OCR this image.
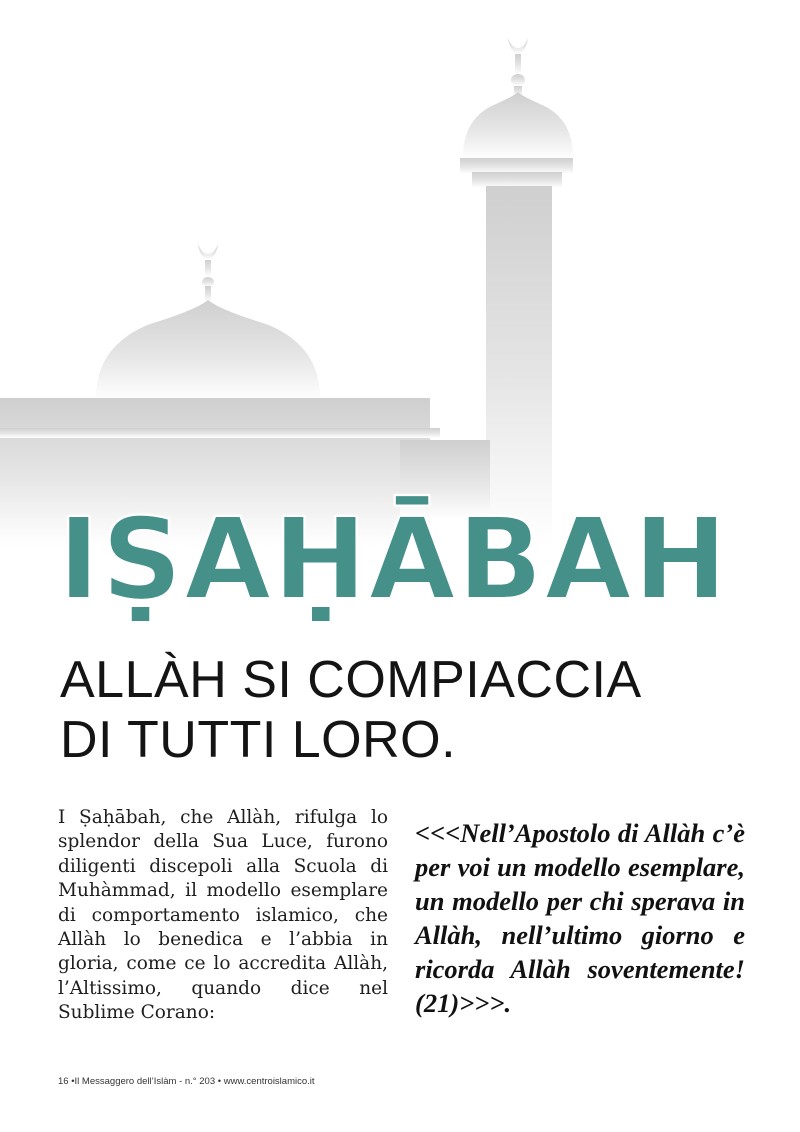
IṢAḤĀBAH
ALLÀH SI COMPIACCIA
DI TUTTI LORO.
I Ṣaḥābah, che Allàh, rifulga lo splendor della Sua Luce, furono diligenti discepoli alla Scuola di Muhàmmad, il modello esemplare di comportamento islamico, che Allàh lo benedica e l’abbia in gloria, come ce lo accredita Allàh, l’Altissimo, quando dice nel Sublime Corano:
<<<Nell’Apostolo di Allàh c’è per voi un modello esemplare, un modello per chi sperava in Allàh, nell’ultimo giorno e ricorda Allàh soventemente! (21)>>>.
16 •Il Messaggero dell’Islàm - n.° 203 • www.centroislamico.it
